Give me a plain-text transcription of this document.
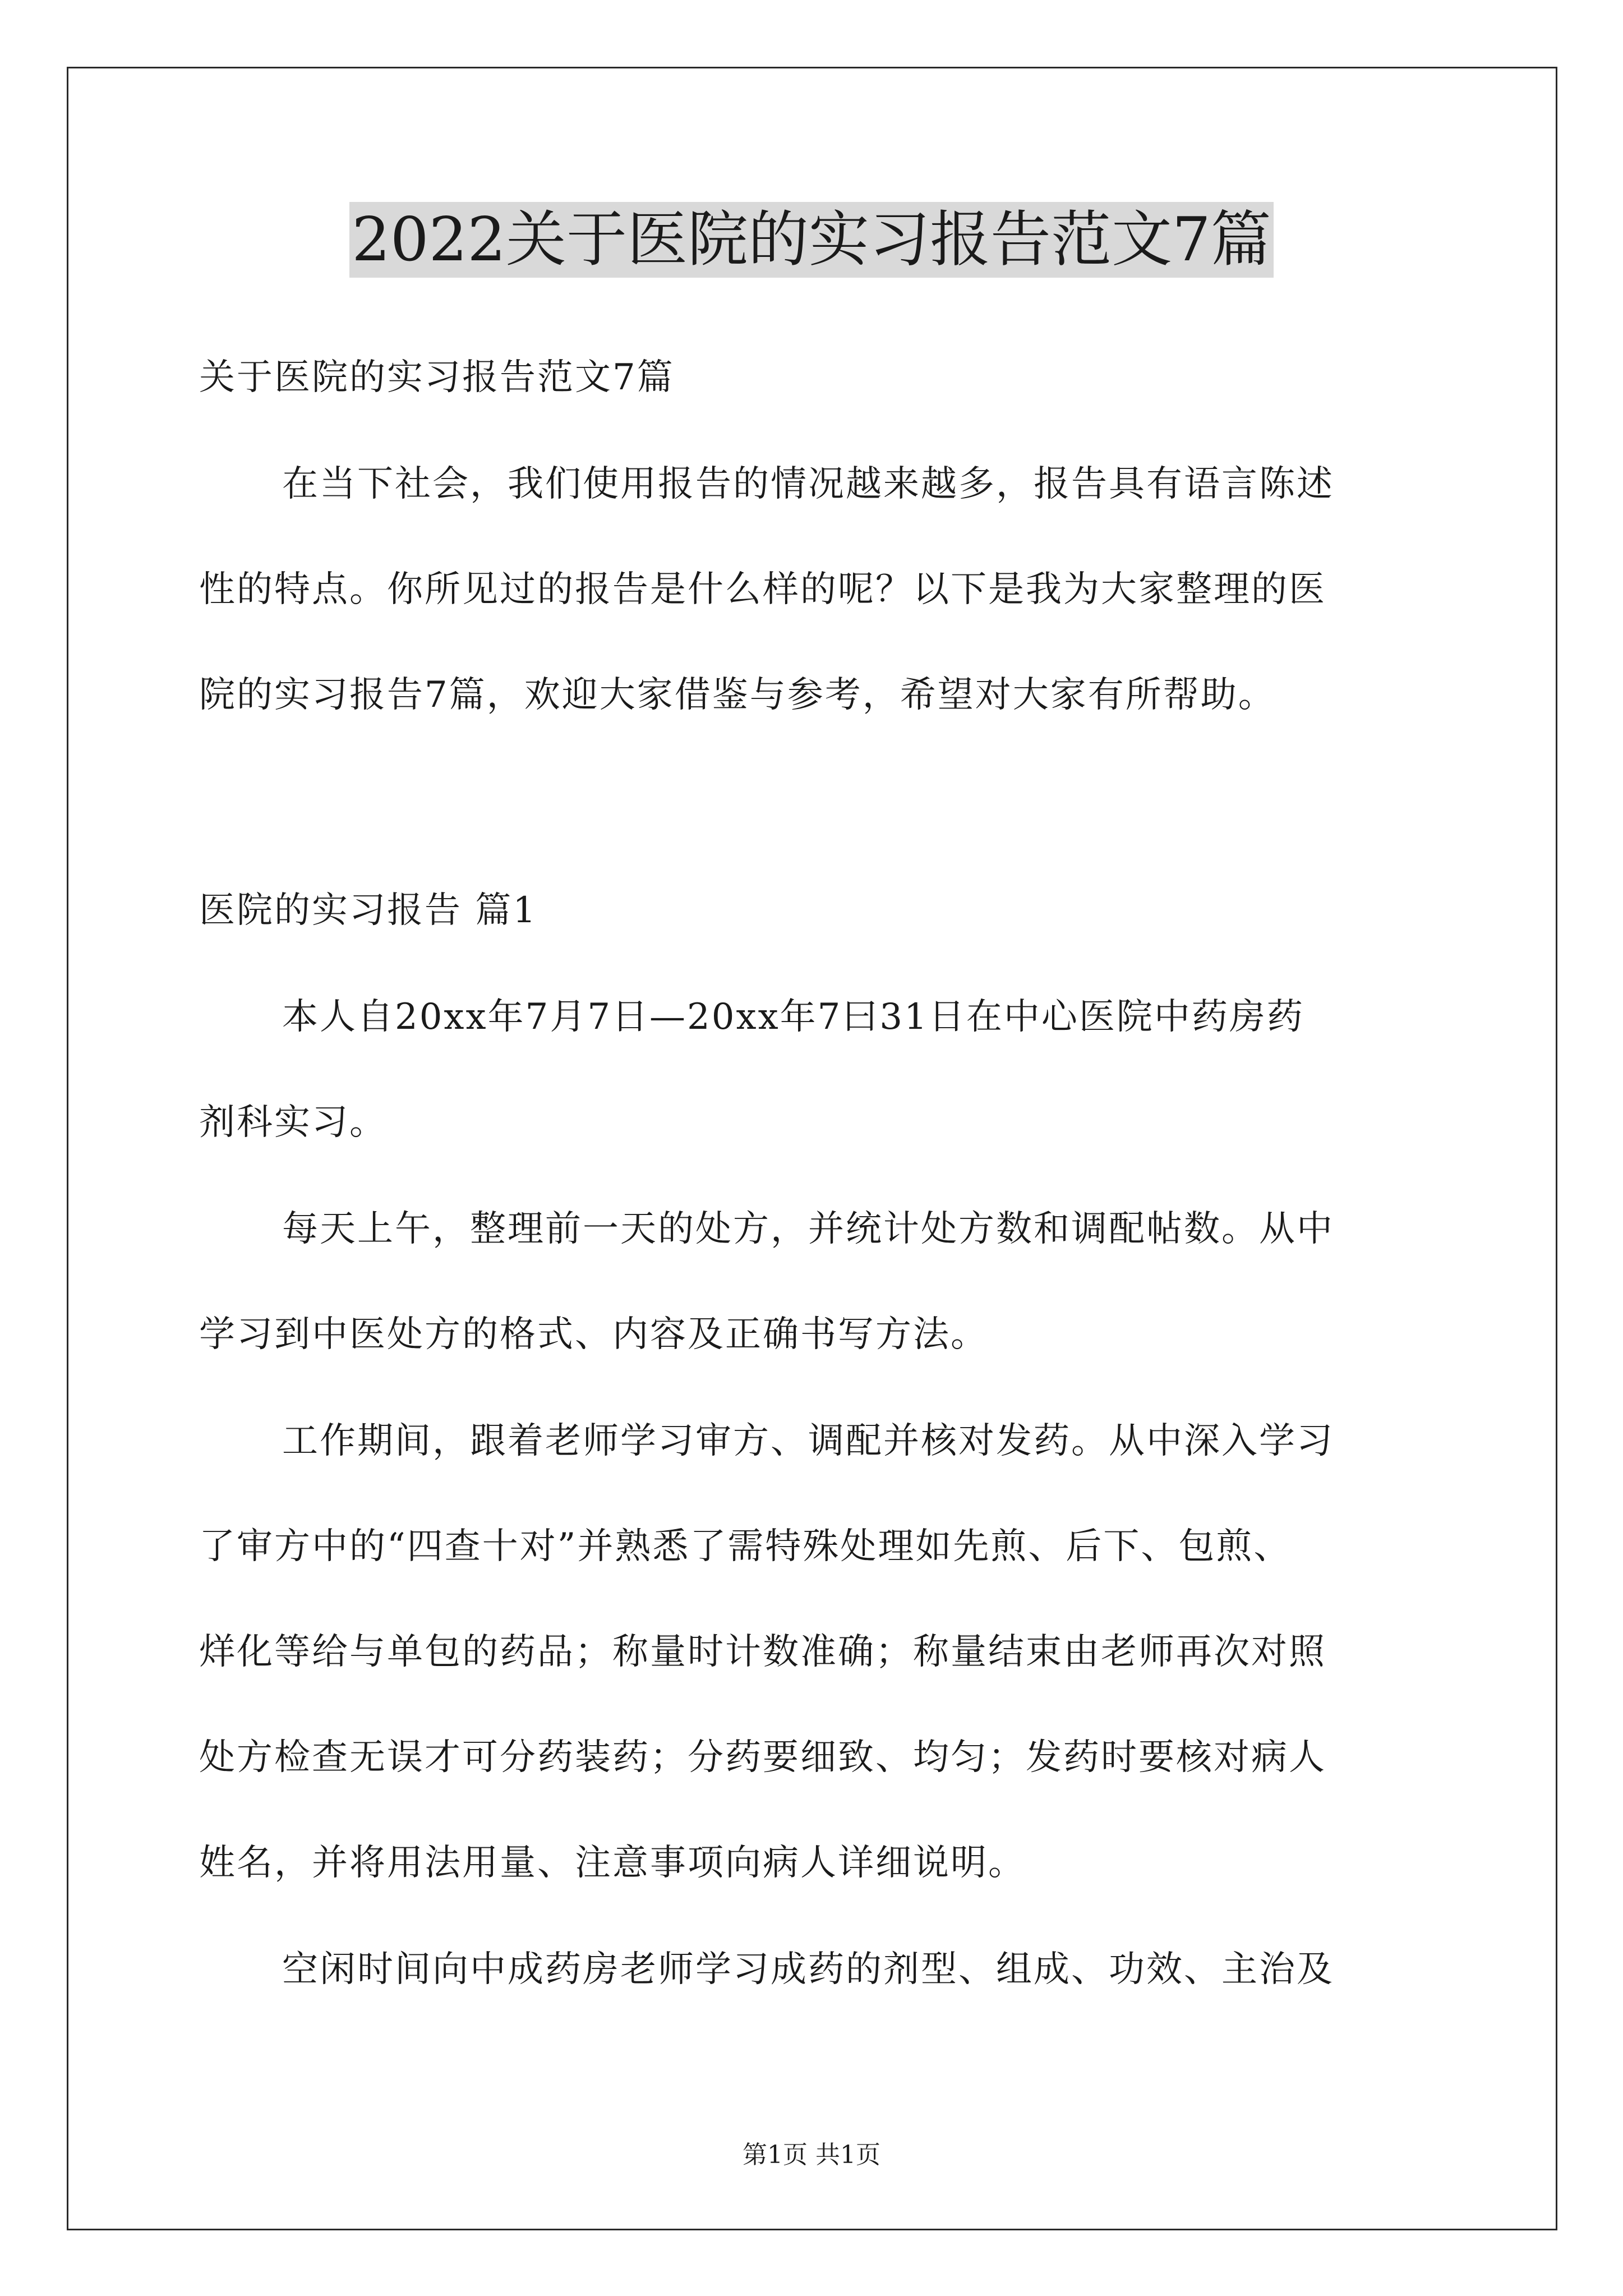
2022关于医院的实习报告范文7篇
关于医院的实习报告范文7篇
在当下社会，我们使用报告的情况越来越多，报告具有语言陈述
性的特点。你所见过的报告是什么样的呢？以下是我为大家整理的医
院的实习报告7篇，欢迎大家借鉴与参考，希望对大家有所帮助。
医院的实习报告 篇1
本人自20xx年7月7日—20xx年7曰31日在中心医院中药房药
剂科实习。
每天上午，整理前一天的处方，并统计处方数和调配帖数。从中
学习到中医处方的格式、内容及正确书写方法。
工作期间，跟着老师学习审方、调配并核对发药。从中深入学习
了审方中的“四查十对”并熟悉了需特殊处理如先煎、后下、包煎、
烊化等给与单包的药品；称量时计数准确；称量结束由老师再次对照
处方检查无误才可分药装药；分药要细致、均匀；发药时要核对病人
姓名，并将用法用量、注意事项向病人详细说明。
空闲时间向中成药房老师学习成药的剂型、组成、功效、主治及
第1页 共1页
